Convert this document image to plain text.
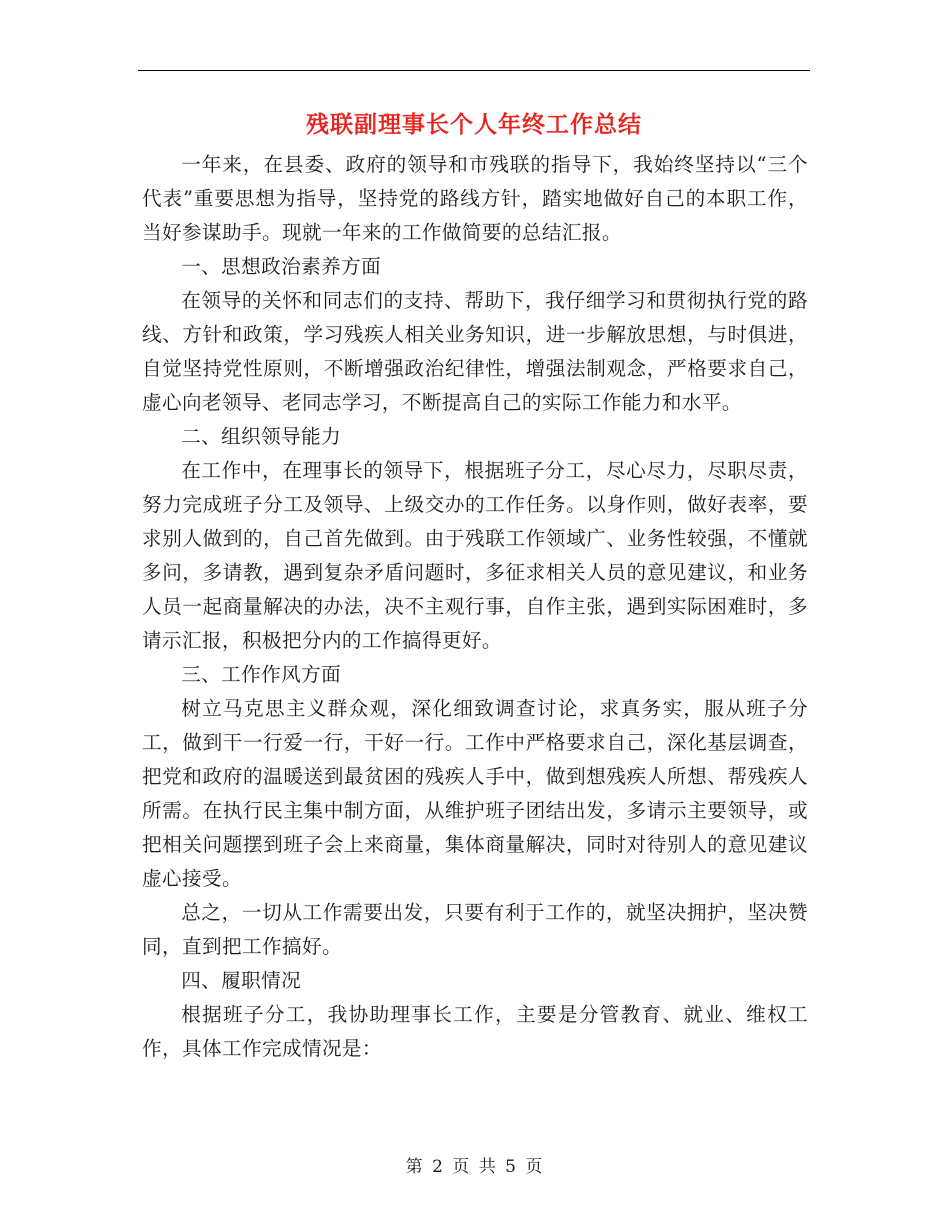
残联副理事长个人年终工作总结

一年来，在县委、政府的领导和市残联的指导下，我始终坚持以“三个代表”重要思想为指导，坚持党的路线方针，踏实地做好自己的本职工作，当好参谋助手。现就一年来的工作做简要的总结汇报。

一、思想政治素养方面

在领导的关怀和同志们的支持、帮助下，我仔细学习和贯彻执行党的路线、方针和政策，学习残疾人相关业务知识，进一步解放思想，与时俱进，自觉坚持党性原则，不断增强政治纪律性，增强法制观念，严格要求自己，虚心向老领导、老同志学习，不断提高自己的实际工作能力和水平。

二、组织领导能力

在工作中，在理事长的领导下，根据班子分工，尽心尽力，尽职尽责，努力完成班子分工及领导、上级交办的工作任务。以身作则，做好表率，要求别人做到的，自己首先做到。由于残联工作领域广、业务性较强，不懂就多问，多请教，遇到复杂矛盾问题时，多征求相关人员的意见建议，和业务人员一起商量解决的办法，决不主观行事，自作主张，遇到实际困难时，多请示汇报，积极把分内的工作搞得更好。

三、工作作风方面

树立马克思主义群众观，深化细致调查讨论，求真务实，服从班子分工，做到干一行爱一行，干好一行。工作中严格要求自己，深化基层调查，把党和政府的温暖送到最贫困的残疾人手中，做到想残疾人所想、帮残疾人所需。在执行民主集中制方面，从维护班子团结出发，多请示主要领导，或把相关问题摆到班子会上来商量，集体商量解决，同时对待别人的意见建议虚心接受。

总之，一切从工作需要出发，只要有利于工作的，就坚决拥护，坚决赞同，直到把工作搞好。

四、履职情况

根据班子分工，我协助理事长工作，主要是分管教育、就业、维权工作，具体工作完成情况是：

第 2 页 共 5 页
